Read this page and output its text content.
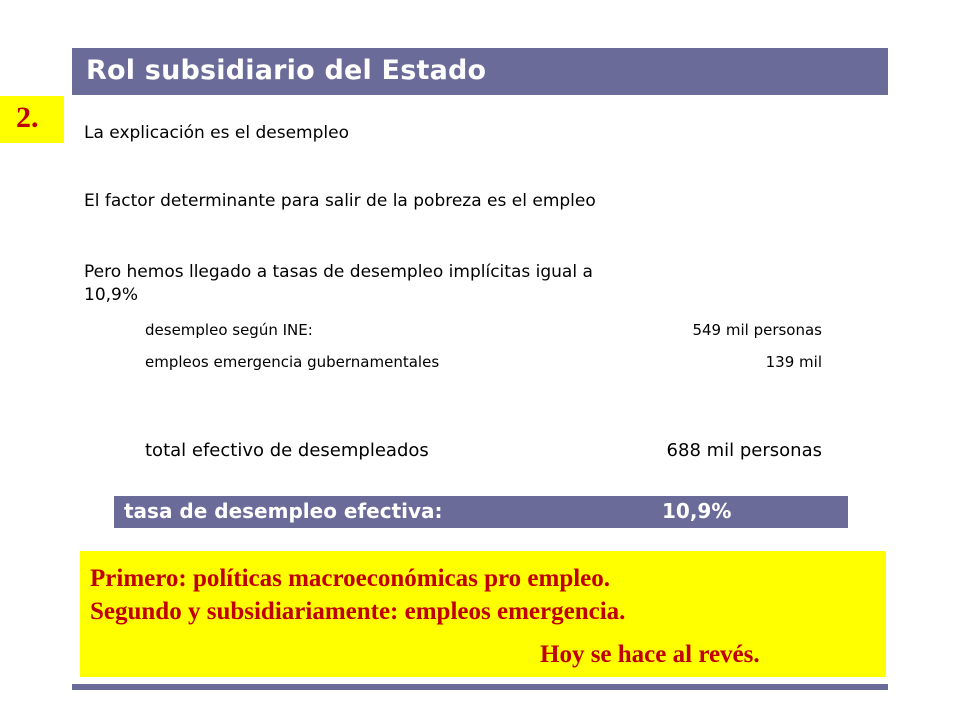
Rol subsidiario del Estado
2.	La explicación es el desempleo
El factor determinante para salir de la pobreza es el empleo
Pero hemos llegado a tasas de desempleo implícitas igual a
10,9%
desempleo según INE:	549 mil personas
empleos emergencia gubernamentales	139 mil
total efectivo de desempleados	688 mil personas
tasa de desempleo efectiva:	10,9%
Primero: políticas macroeconómicas pro empleo.
Segundo y subsidiariamente: empleos emergencia.
Hoy se hace al revés.
